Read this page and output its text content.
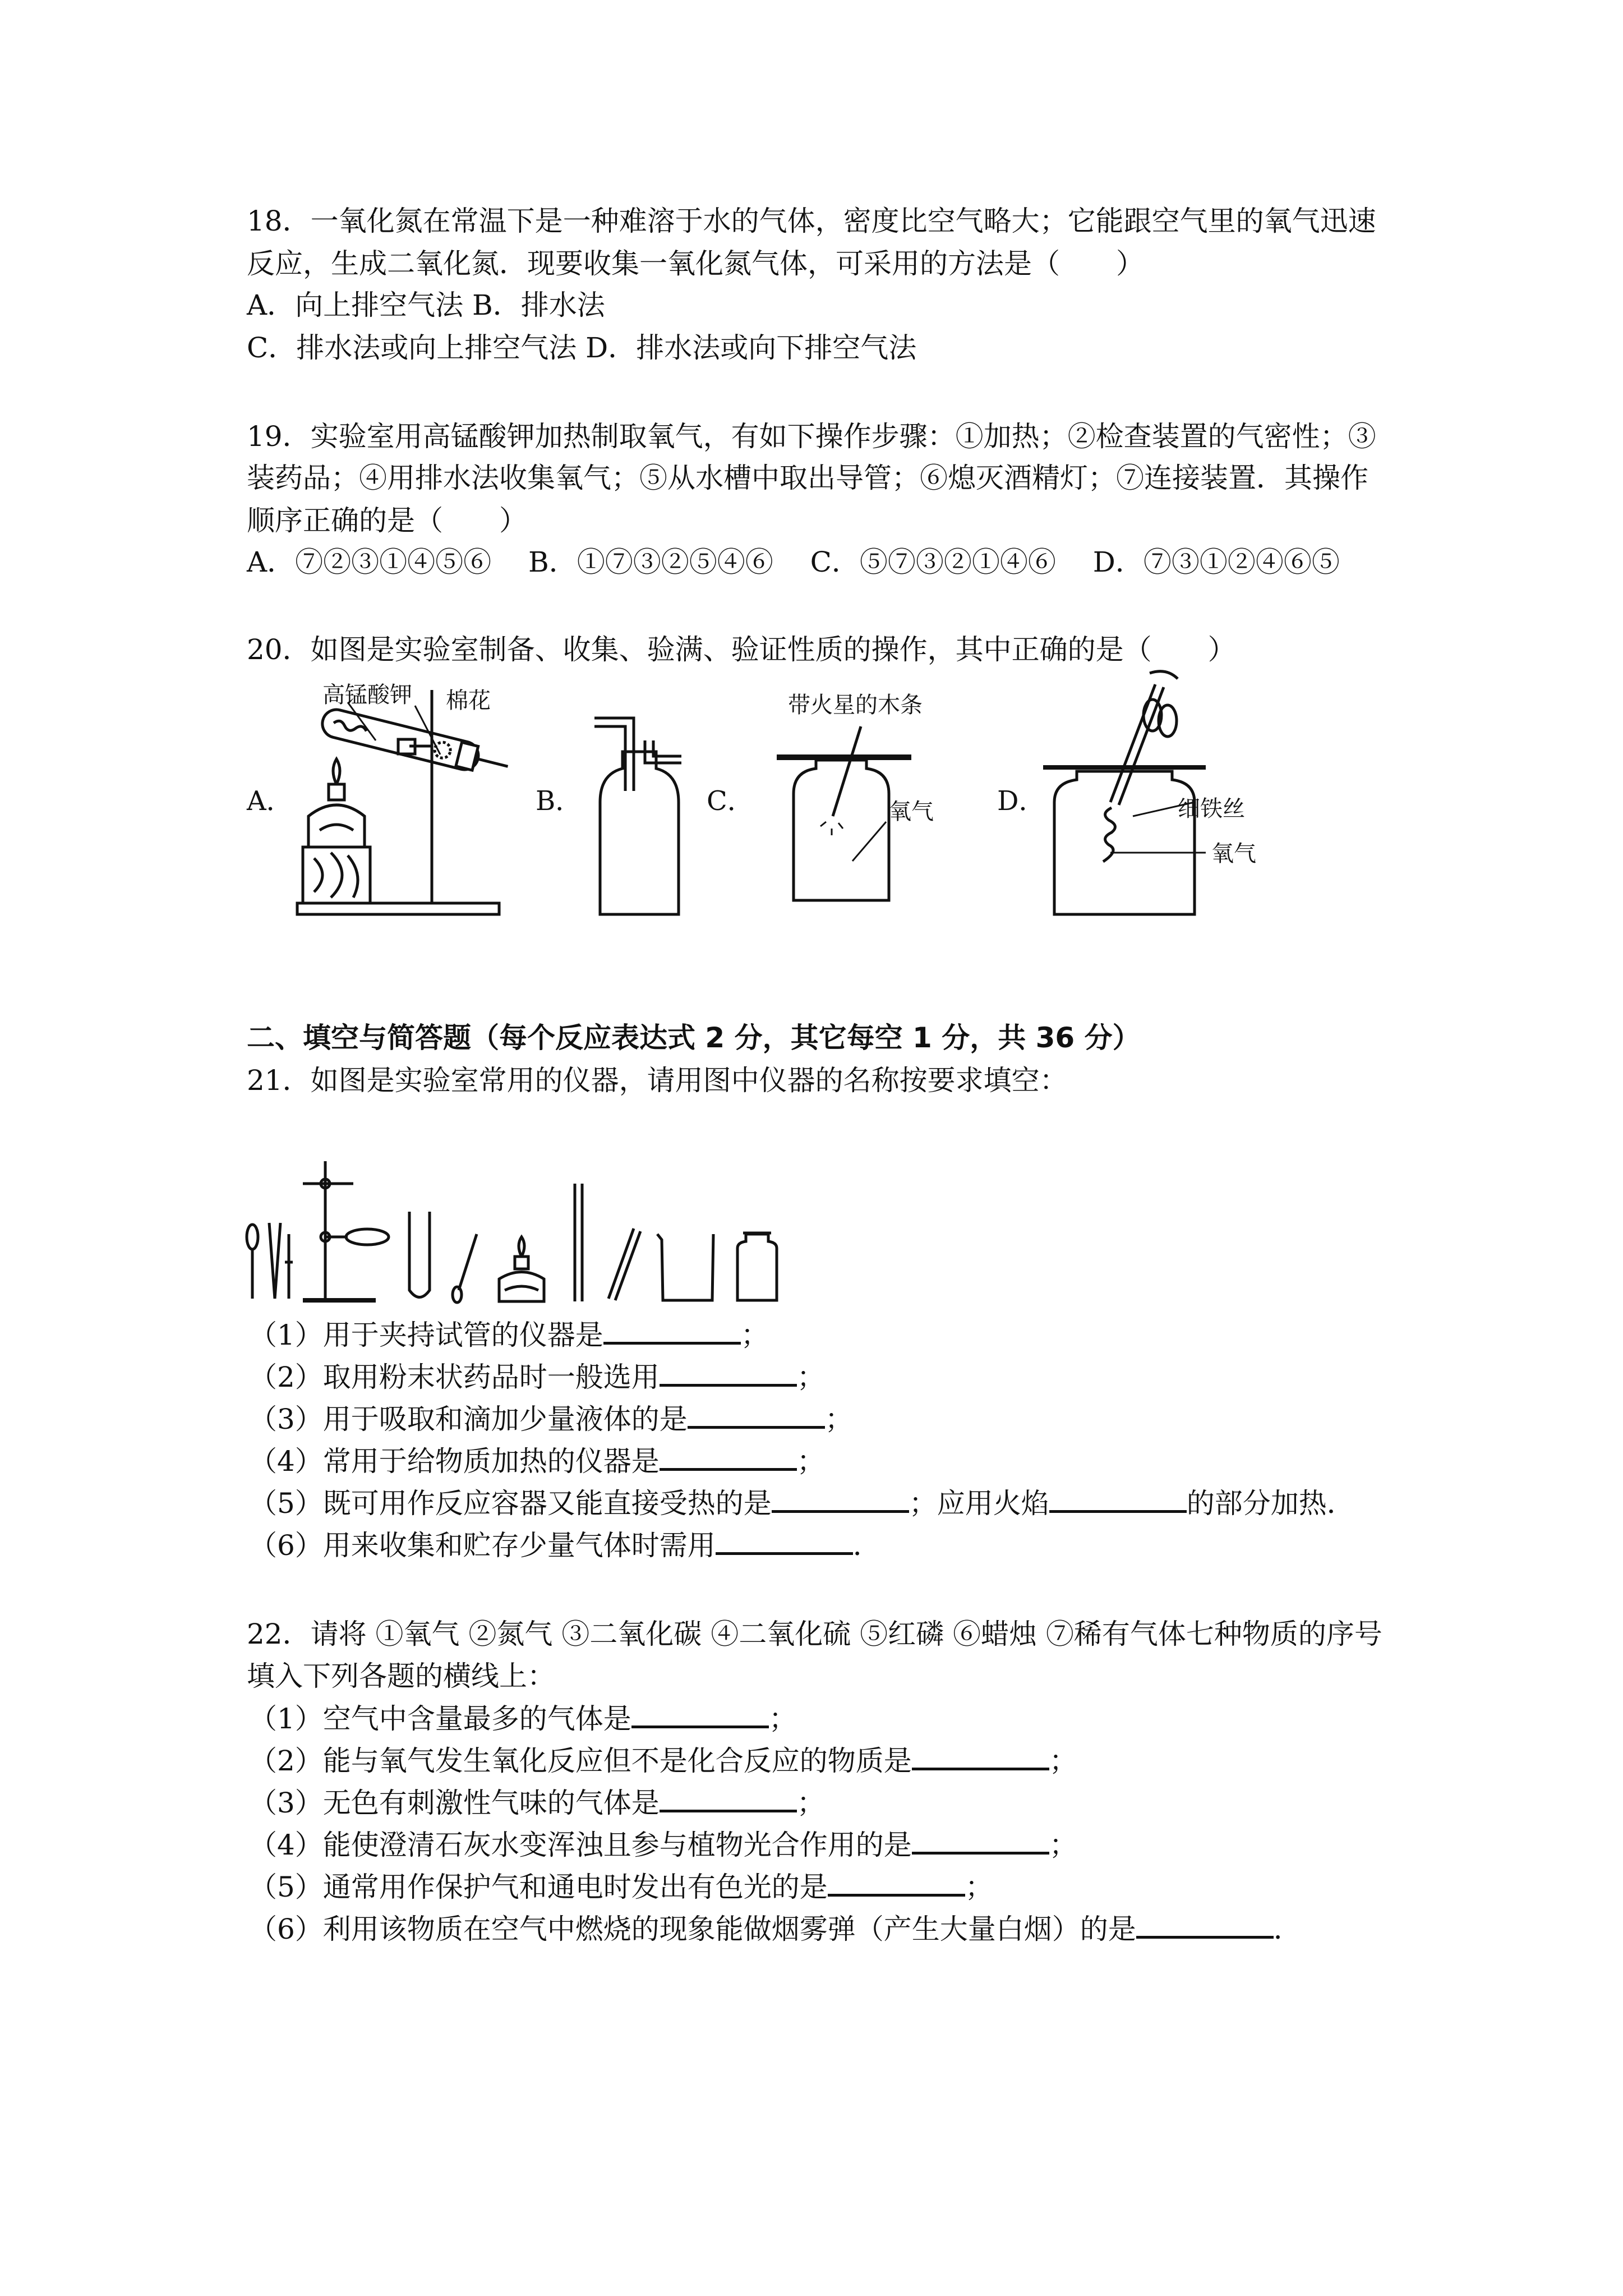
18．一氧化氮在常温下是一种难溶于水的气体，密度比空气略大；它能跟空气里的氧气迅速
反应，生成二氧化氮．现要收集一氧化氮气体，可采用的方法是（　　）
A．向上排空气法 B．排水法
C．排水法或向上排空气法 D．排水法或向下排空气法
19．实验室用高锰酸钾加热制取氧气，有如下操作步骤：①加热；②检查装置的气密性；③
装药品；④用排水法收集氧气；⑤从水槽中取出导管；⑥熄灭酒精灯；⑦连接装置．其操作
顺序正确的是（　　）
A．⑦②③①④⑤⑥　 B．①⑦③②⑤④⑥　 C．⑤⑦③②①④⑥　 D．⑦③①②④⑥⑤
20．如图是实验室制备、收集、验满、验证性质的操作，其中正确的是（　　）
A．	B．	C．	D．
高锰酸钾 棉花	带火星的木条
氧气	细铁丝
氧气
二、填空与简答题（每个反应表达式 2 分，其它每空 1 分，共 36 分）
21．如图是实验室常用的仪器，请用图中仪器的名称按要求填空：
（1）用于夹持试管的仪器是	；
（2）取用粉末状药品时一般选用	；
（3）用于吸取和滴加少量液体的是	；
（4）常用于给物质加热的仪器是	；
（5）既可用作反应容器又能直接受热的是	；应用火焰	的部分加热．
（6）用来收集和贮存少量气体时需用	．
22．请将 ①氧气 ②氮气 ③二氧化碳 ④二氧化硫 ⑤红磷 ⑥蜡烛 ⑦稀有气体七种物质的序号
填入下列各题的横线上：
（1）空气中含量最多的气体是	；
（2）能与氧气发生氧化反应但不是化合反应的物质是	；
（3）无色有刺激性气味的气体是	；
（4）能使澄清石灰水变浑浊且参与植物光合作用的是	；
（5）通常用作保护气和通电时发出有色光的是	；
（6）利用该物质在空气中燃烧的现象能做烟雾弹（产生大量白烟）的是	．
